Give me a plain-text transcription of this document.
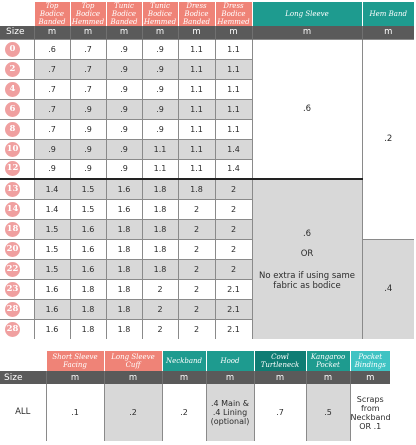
	Top Bodice Banded	Top Bodice Hemmed	Tunic Bodice Banded	Tunic Bodice Hemmed	Dress Bodice Banded	Dress Bodice Hemmed	Long Sleeve	Hem Band
Size	m	m	m	m	m	m	m	m
0	.6	.7	.9	.9	1.1	1.1	.6	.2
2	.7	.7	.9	.9	1.1	1.1		
4	.7	.7	.9	.9	1.1	1.1		
6	.7	.9	.9	.9	1.1	1.1		
8	.7	.9	.9	.9	1.1	1.1		
10	.9	.9	.9	1.1	1.1	1.4		
12	.9	.9	.9	1.1	1.1	1.4		
13	1.4	1.5	1.6	1.8	1.8	2	.6
OR
No extra if using same fabric as bodice	

14	1.4	1.5	1.6	1.8	2	2		
18	1.5	1.6	1.8	1.8	2	2		
20	1.5	1.6	1.8	1.8	2	2		.4
22	1.5	1.6	1.8	1.8	2	2		
23	1.6	1.8	1.8	2	2	2.1		
28	1.6	1.8	1.8	2	2	2.1		
28	1.6	1.8	1.8	2	2	2.1		
	Short Sleeve Facing	Long Sleeve Cuff	Neckband	Hood	Cowl Turtleneck	Kangaroo Pocket	Pocket Bindings
Size	m	m	m	m	m	m	m
ALL	.1	.2	.2	.4 Main & .4 Lining (optional)	.7	.5	Scraps from Neckband OR .1
